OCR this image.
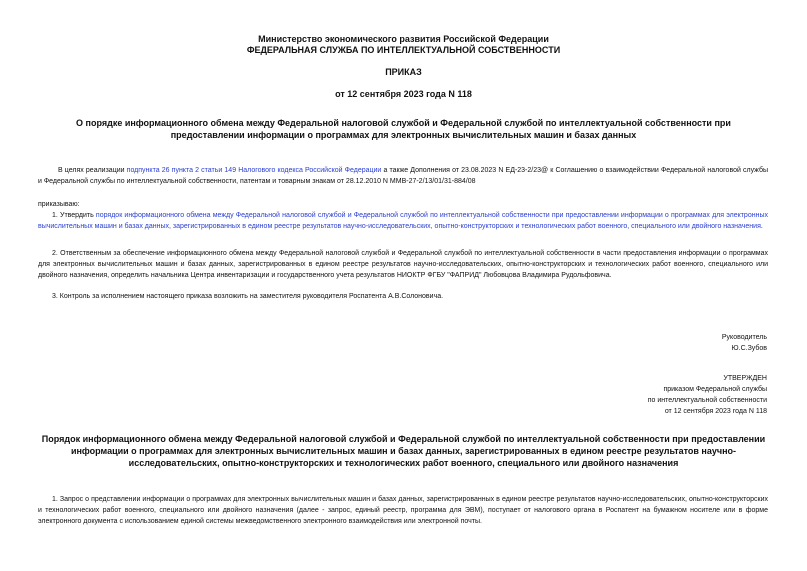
Министерство экономического развития Российской Федерации
ФЕДЕРАЛЬНАЯ СЛУЖБА ПО ИНТЕЛЛЕКТУАЛЬНОЙ СОБСТВЕННОСТИ
ПРИКАЗ
от 12 сентября 2023 года N 118
О порядке информационного обмена между Федеральной налоговой службой и Федеральной службой по интеллектуальной собственности при предоставлении информации о программах для электронных вычислительных машин и базах данных
В целях реализации подпункта 26 пункта 2 статьи 149 Налогового кодекса Российской Федерации а также Дополнения от 23.08.2023 N ЕД-23-2/23@ к Соглашению о взаимодействии Федеральной налоговой службы и Федеральной службы по интеллектуальной собственности, патентам и товарным знакам от 28.12.2010 N ММВ-27-2/13/01/31-884/08
приказываю:
1. Утвердить порядок информационного обмена между Федеральной налоговой службой и Федеральной службой по интеллектуальной собственности при предоставлении информации о программах для электронных вычислительных машин и базах данных, зарегистрированных в едином реестре результатов научно-исследовательских, опытно-конструкторских и технологических работ военного, специального или двойного назначения.
2. Ответственным за обеспечение информационного обмена между Федеральной налоговой службой и Федеральной службой по интеллектуальной собственности в части предоставления информации о программах для электронных вычислительных машин и базах данных, зарегистрированных в едином реестре результатов научно-исследовательских, опытно-конструкторских и технологических работ военного, специального или двойного назначения, определить начальника Центра инвентаризации и государственного учета результатов НИОКТР ФГБУ "ФАПРИД" Любовцова Владимира Рудольфовича.
3. Контроль за исполнением настоящего приказа возложить на заместителя руководителя Роспатента А.В.Солоновича.
Руководитель
Ю.С.Зубов
УТВЕРЖДЕН
приказом Федеральной службы
по интеллектуальной собственности
от 12 сентября 2023 года N 118
Порядок информационного обмена между Федеральной налоговой службой и Федеральной службой по интеллектуальной собственности при предоставлении информации о программах для электронных вычислительных машин и базах данных, зарегистрированных в едином реестре результатов научно-исследовательских, опытно-конструкторских и технологических работ военного, специального или двойного назначения
1. Запрос о представлении информации о программах для электронных вычислительных машин и базах данных, зарегистрированных в едином реестре результатов научно-исследовательских, опытно-конструкторских и технологических работ военного, специального или двойного назначения (далее - запрос, единый реестр, программа для ЭВМ), поступает от налогового органа в Роспатент на бумажном носителе или в форме электронного документа с использованием единой системы межведомственного электронного взаимодействия или электронной почты.
